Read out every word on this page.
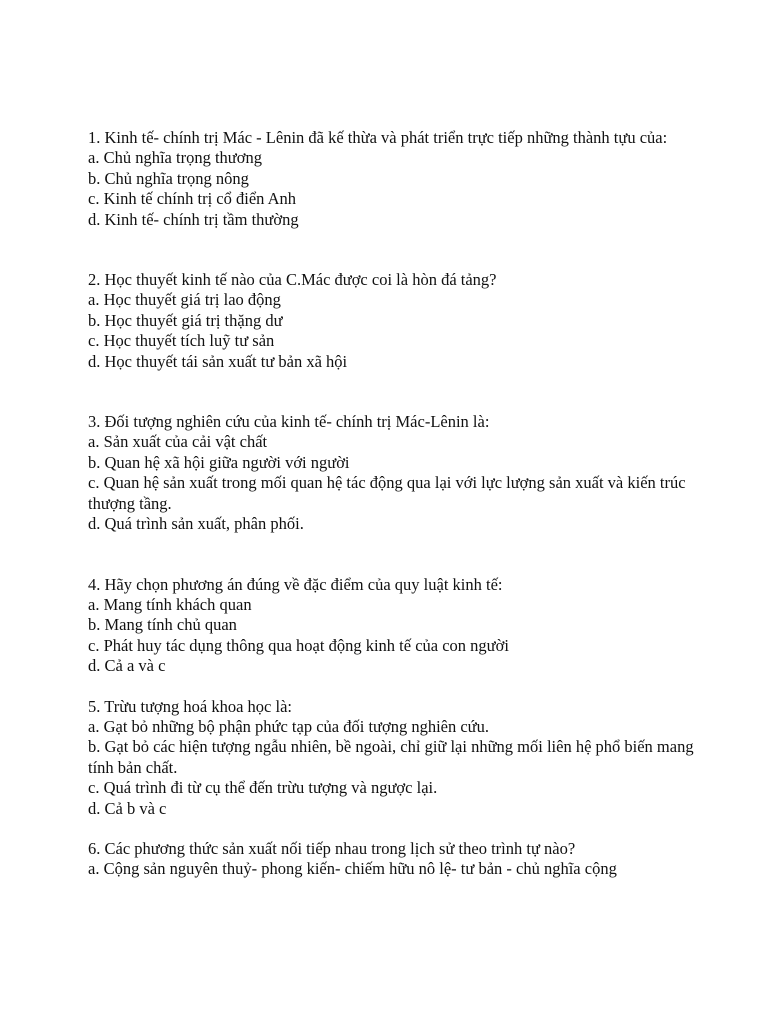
1. Kinh tế- chính trị Mác - Lênin đã kế thừa và phát triển trực tiếp những thành tựu của:

a. Chủ nghĩa trọng thương

b. Chủ nghĩa trọng nông

c. Kinh tế chính trị cổ điển Anh

d. Kinh tế- chính trị tầm thường

2. Học thuyết kinh tế nào của C.Mác được coi là hòn đá tảng?

a. Học thuyết giá trị lao động

b. Học thuyết giá trị thặng dư

c. Học thuyết tích luỹ tư sản

d. Học thuyết tái sản xuất tư bản xã hội

3. Đối tượng nghiên cứu của kinh tế- chính trị Mác-Lênin là:

a. Sản xuất của cải vật chất

b. Quan hệ xã hội giữa người với người

c. Quan hệ sản xuất trong mối quan hệ tác động qua lại với lực lượng sản xuất và kiến trúc thượng tầng.

d. Quá trình sản xuất, phân phối.

4. Hãy chọn phương án đúng về đặc điểm của quy luật kinh tế:

a. Mang tính khách quan

b. Mang tính chủ quan

c. Phát huy tác dụng thông qua hoạt động kinh tế của con người

d. Cả a và c

5. Trừu tượng hoá khoa học là:

a. Gạt bỏ những bộ phận phức tạp của đối tượng nghiên cứu.

b. Gạt bỏ các hiện tượng ngẫu nhiên, bề ngoài, chỉ giữ lại những mối liên hệ phổ biến mang tính bản chất.

c. Quá trình đi từ cụ thể đến trừu tượng và ngược lại.

d. Cả b và c

6. Các phương thức sản xuất nối tiếp nhau trong lịch sử theo trình tự nào?

a. Cộng sản nguyên thuỷ- phong kiến- chiếm hữu nô lệ- tư bản - chủ nghĩa cộng
